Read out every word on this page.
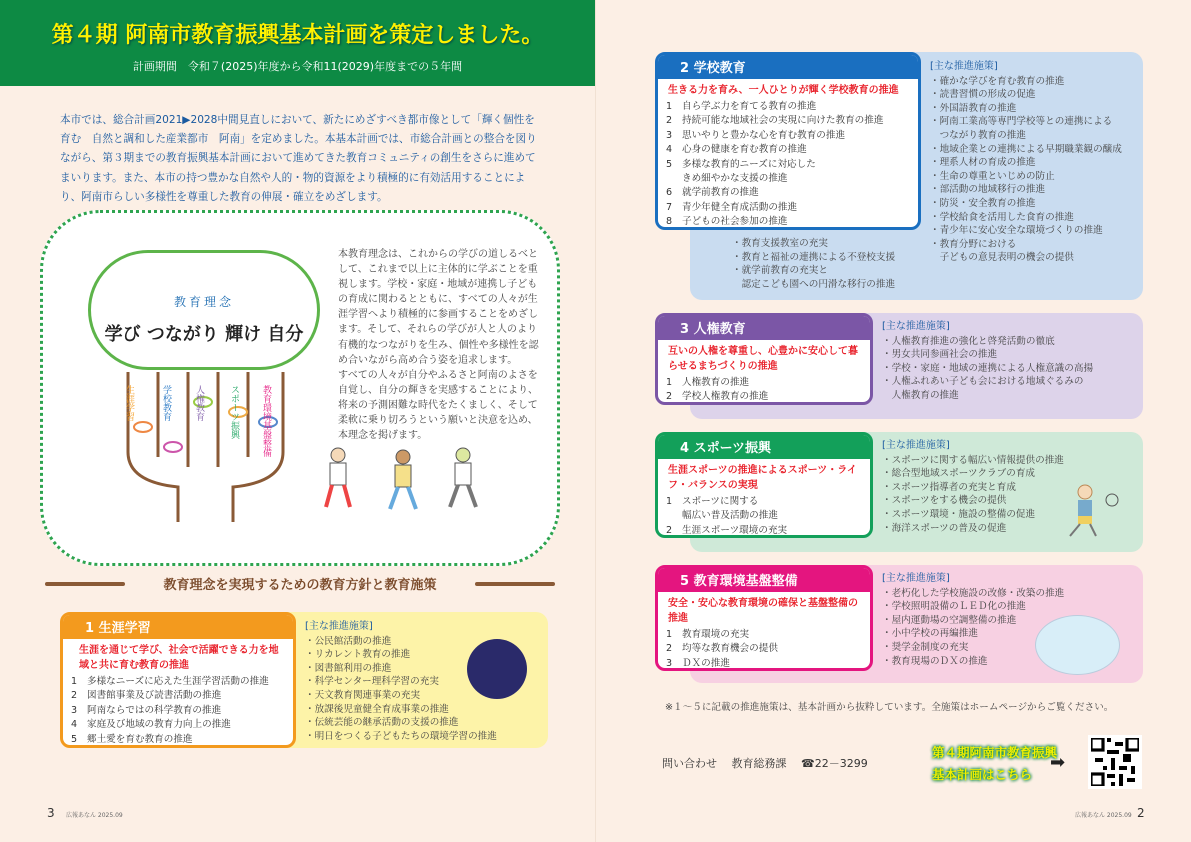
第４期 阿南市教育振興基本計画を策定しました。
計画期間　令和７(2025)年度から令和11(2029)年度までの５年間
本市では、総合計画2021▶2028中間見直しにおいて、新たにめざすべき都市像として「輝く個性を育む　自然と調和した産業都市　阿南」を定めました。本基本計画では、市総合計画との整合を図りながら、第３期までの教育振興基本計画において進めてきた教育コミュニティの創生をさらに進めてまいります。また、本市の持つ豊かな自然や人的・物的資源をより積極的に有効活用することにより、阿南市らしい多様性を尊重した教育の伸展・確立をめざします。
教育理念
学び つながり 輝け 自分
生涯学習	学校教育	人権教育	スポーツ振興 教育環境基盤整備
本教育理念は、これからの学びの道しるべとして、これまで以上に主体的に学ぶことを重視します。学校・家庭・地域が連携し子どもの育成に関わるとともに、すべての人々が生涯学習へより積極的に参画することをめざします。そして、それらの学びが人と人のより有機的なつながりを生み、個性や多様性を認め合いながら高め合う姿を追求します。
すべての人々が自分やふるさと阿南のよさを自覚し、自分の輝きを実感することにより、将来の予測困難な時代をたくましく、そして柔軟に乗り切ろうという願いと決意を込め、本理念を掲げます。
教育理念を実現するための教育方針と教育施策
1 生涯学習
生涯を通じて学び、社会で活躍できる力を地域と共に育む教育の推進
1	多様なニーズに応えた生涯学習活動の推進
2	図書館事業及び読書活動の推進
3	阿南ならではの科学教育の推進
4	家庭及び地域の教育力向上の推進
5	郷土愛を育む教育の推進
[主な推進施策]
・ 公民館活動の推進
・ リカレント教育の推進
・ 図書館利用の推進
・ 科学センター理科学習の充実
・ 天文教育関連事業の充実
・ 放課後児童健全育成事業の推進
・ 伝統芸能の継承活動の支援の推進
・ 明日をつくる子どもたちの環境学習の推進
3 広報あなん 2025.09
2 学校教育
生きる力を育み、一人ひとりが輝く学校教育の推進
1	自ら学ぶ力を育てる教育の推進
2	持続可能な地域社会の実現に向けた教育の推進
3	思いやりと豊かな心を育む教育の推進
4	心身の健康を育む教育の推進
5	多様な教育的ニーズに対応した
きめ細やかな支援の推進
6	就学前教育の推進
7	青少年健全育成活動の推進
8	子どもの社会参加の推進
[主な推進施策]
・ 確かな学びを育む教育の推進
・ 読書習慣の形成の促進
・ 外国語教育の推進
・ 阿南工業高等専門学校等との連携による
つながり教育の推進
・ 地域企業との連携による早期職業観の醸成
・ 理系人材の育成の推進
・ 生命の尊重といじめの防止
・ 部活動の地域移行の推進
・ 防災・安全教育の推進
・ 学校給食を活用した食育の推進
・ 青少年に安心安全な環境づくりの推進
・ 教育分野における
子どもの意見表明の機会の提供
・ 教育支援教室の充実
・ 教育と福祉の連携による不登校支援
・ 就学前教育の充実と
認定こども園への円滑な移行の推進
3 人権教育
互いの人権を尊重し、心豊かに安心して暮らせるまちづくりの推進
1	人権教育の推進
2	学校人権教育の推進
[主な推進施策]
・ 人権教育推進の強化と啓発活動の徹底
・ 男女共同参画社会の推進
・ 学校・家庭・地域の連携による人権意識の高揚
・ 人権ふれあい子ども会における地域ぐるみの
人権教育の推進
4 スポーツ振興
生涯スポーツの推進によるスポーツ・ライフ・バランスの実現
1	スポーツに関する
幅広い普及活動の推進
2	生涯スポーツ環境の充実
[主な推進施策]
・ スポーツに関する幅広い情報提供の推進
・ 総合型地域スポーツクラブの育成
・ スポーツ指導者の充実と育成
・ スポーツをする機会の提供
・ スポーツ環境・施設の整備の促進
・ 海洋スポーツの普及の促進
5 教育環境基盤整備
安全・安心な教育環境の確保と基盤整備の推進
1	教育環境の充実
2	均等な教育機会の提供
3	ＤＸの推進
[主な推進施策]
・ 老朽化した学校施設の改修・改築の推進
・ 学校照明設備のＬＥＤ化の推進
・ 屋内運動場の空調整備の推進
・ 小中学校の再編推進
・ 奨学金制度の充実
・ 教育現場のＤＸの推進
※１～５に記載の推進施策は、基本計画から抜粋しています。全施策はホームページからご覧ください。
問い合わせ　 教育総務課　 ☎22－3299
第４期阿南市教育振興
基本計画はこちら
➡
広報あなん 2025.09 2
